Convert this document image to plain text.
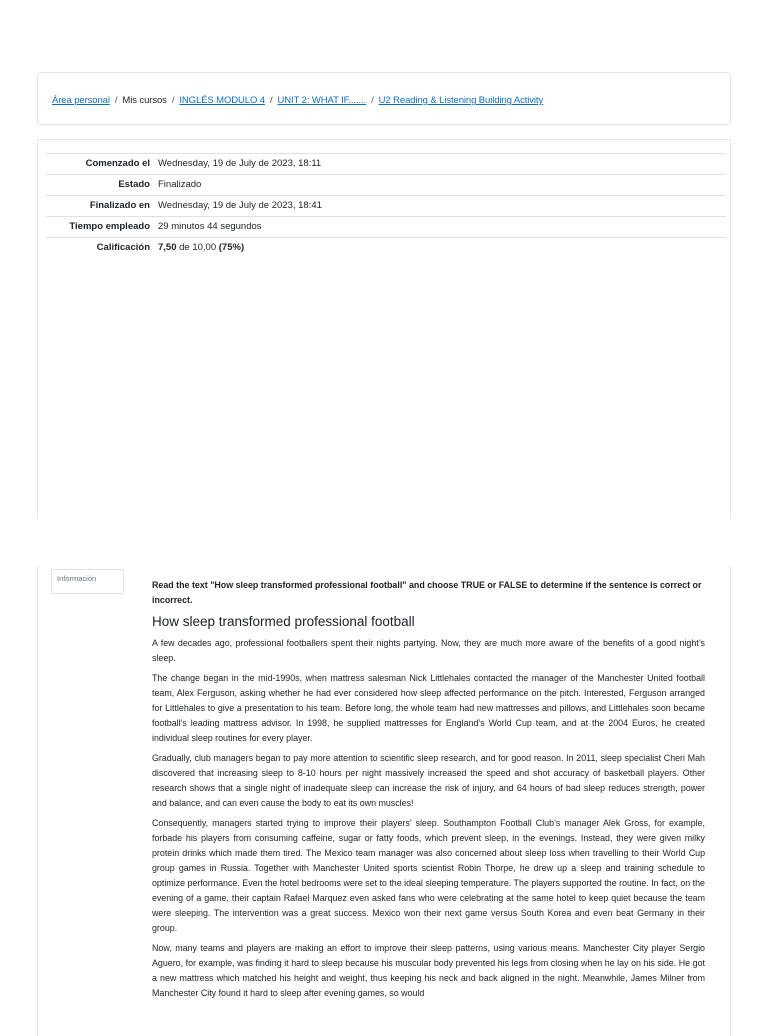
Área personal / Mis cursos / INGLÉS MODULO 4 / UNIT 2: WHAT IF....... / U2 Reading & Listening Building Activity
Comenzado el	Wednesday, 19 de July de 2023, 18:11
Estado	Finalizado
Finalizado en	Wednesday, 19 de July de 2023, 18:41
Tiempo empleado	29 minutos 44 segundos
Calificación	7,50 de 10,00 (75%)
Información

Read the text "How sleep transformed professional football" and choose TRUE or FALSE to determine if the sentence is correct or incorrect.

How sleep transformed professional football

A few decades ago, professional footballers spent their nights partying. Now, they are much more aware of the benefits of a good night’s sleep.

The change began in the mid-1990s, when mattress salesman Nick Littlehales contacted the manager of the Manchester United football team, Alex Ferguson, asking whether he had ever considered how sleep affected performance on the pitch. Interested, Ferguson arranged for Littlehales to give a presentation to his team. Before long, the whole team had new mattresses and pillows, and Littlehales soon became football’s leading mattress advisor. In 1998, he supplied mattresses for England’s World Cup team, and at the 2004 Euros, he created individual sleep routines for every player.

Gradually, club managers began to pay more attention to scientific sleep research, and for good reason. In 2011, sleep specialist Cheri Mah discovered that increasing sleep to 8-10 hours per night massively increased the speed and shot accuracy of basketball players. Other research shows that a single night of inadequate sleep can increase the risk of injury, and 64 hours of bad sleep reduces strength, power and balance, and can even cause the body to eat its own muscles!

Consequently, managers started trying to improve their players’ sleep. Southampton Football Club’s manager Alek Gross, for example, forbade his players from consuming caffeine, sugar or fatty foods, which prevent sleep, in the evenings. Instead, they were given milky protein drinks which made them tired. The Mexico team manager was also concerned about sleep loss when travelling to their World Cup group games in Russia. Together with Manchester United sports scientist Robin Thorpe, he drew up a sleep and training schedule to optimize performance. Even the hotel bedrooms were set to the ideal sleeping temperature. The players supported the routine. In fact, on the evening of a game, their captain Rafael Marquez even asked fans who were celebrating at the same hotel to keep quiet because the team were sleeping. The intervention was a great success. Mexico won their next game versus South Korea and even beat Germany in their group.

Now, many teams and players are making an effort to improve their sleep patterns, using various means. Manchester City player Sergio Aguero, for example, was finding it hard to sleep because his muscular body prevented his legs from closing when he lay on his side. He got a new mattress which matched his height and weight, thus keeping his neck and back aligned in the night. Meanwhile, James Milner from Manchester City found it hard to sleep after evening games, so would
